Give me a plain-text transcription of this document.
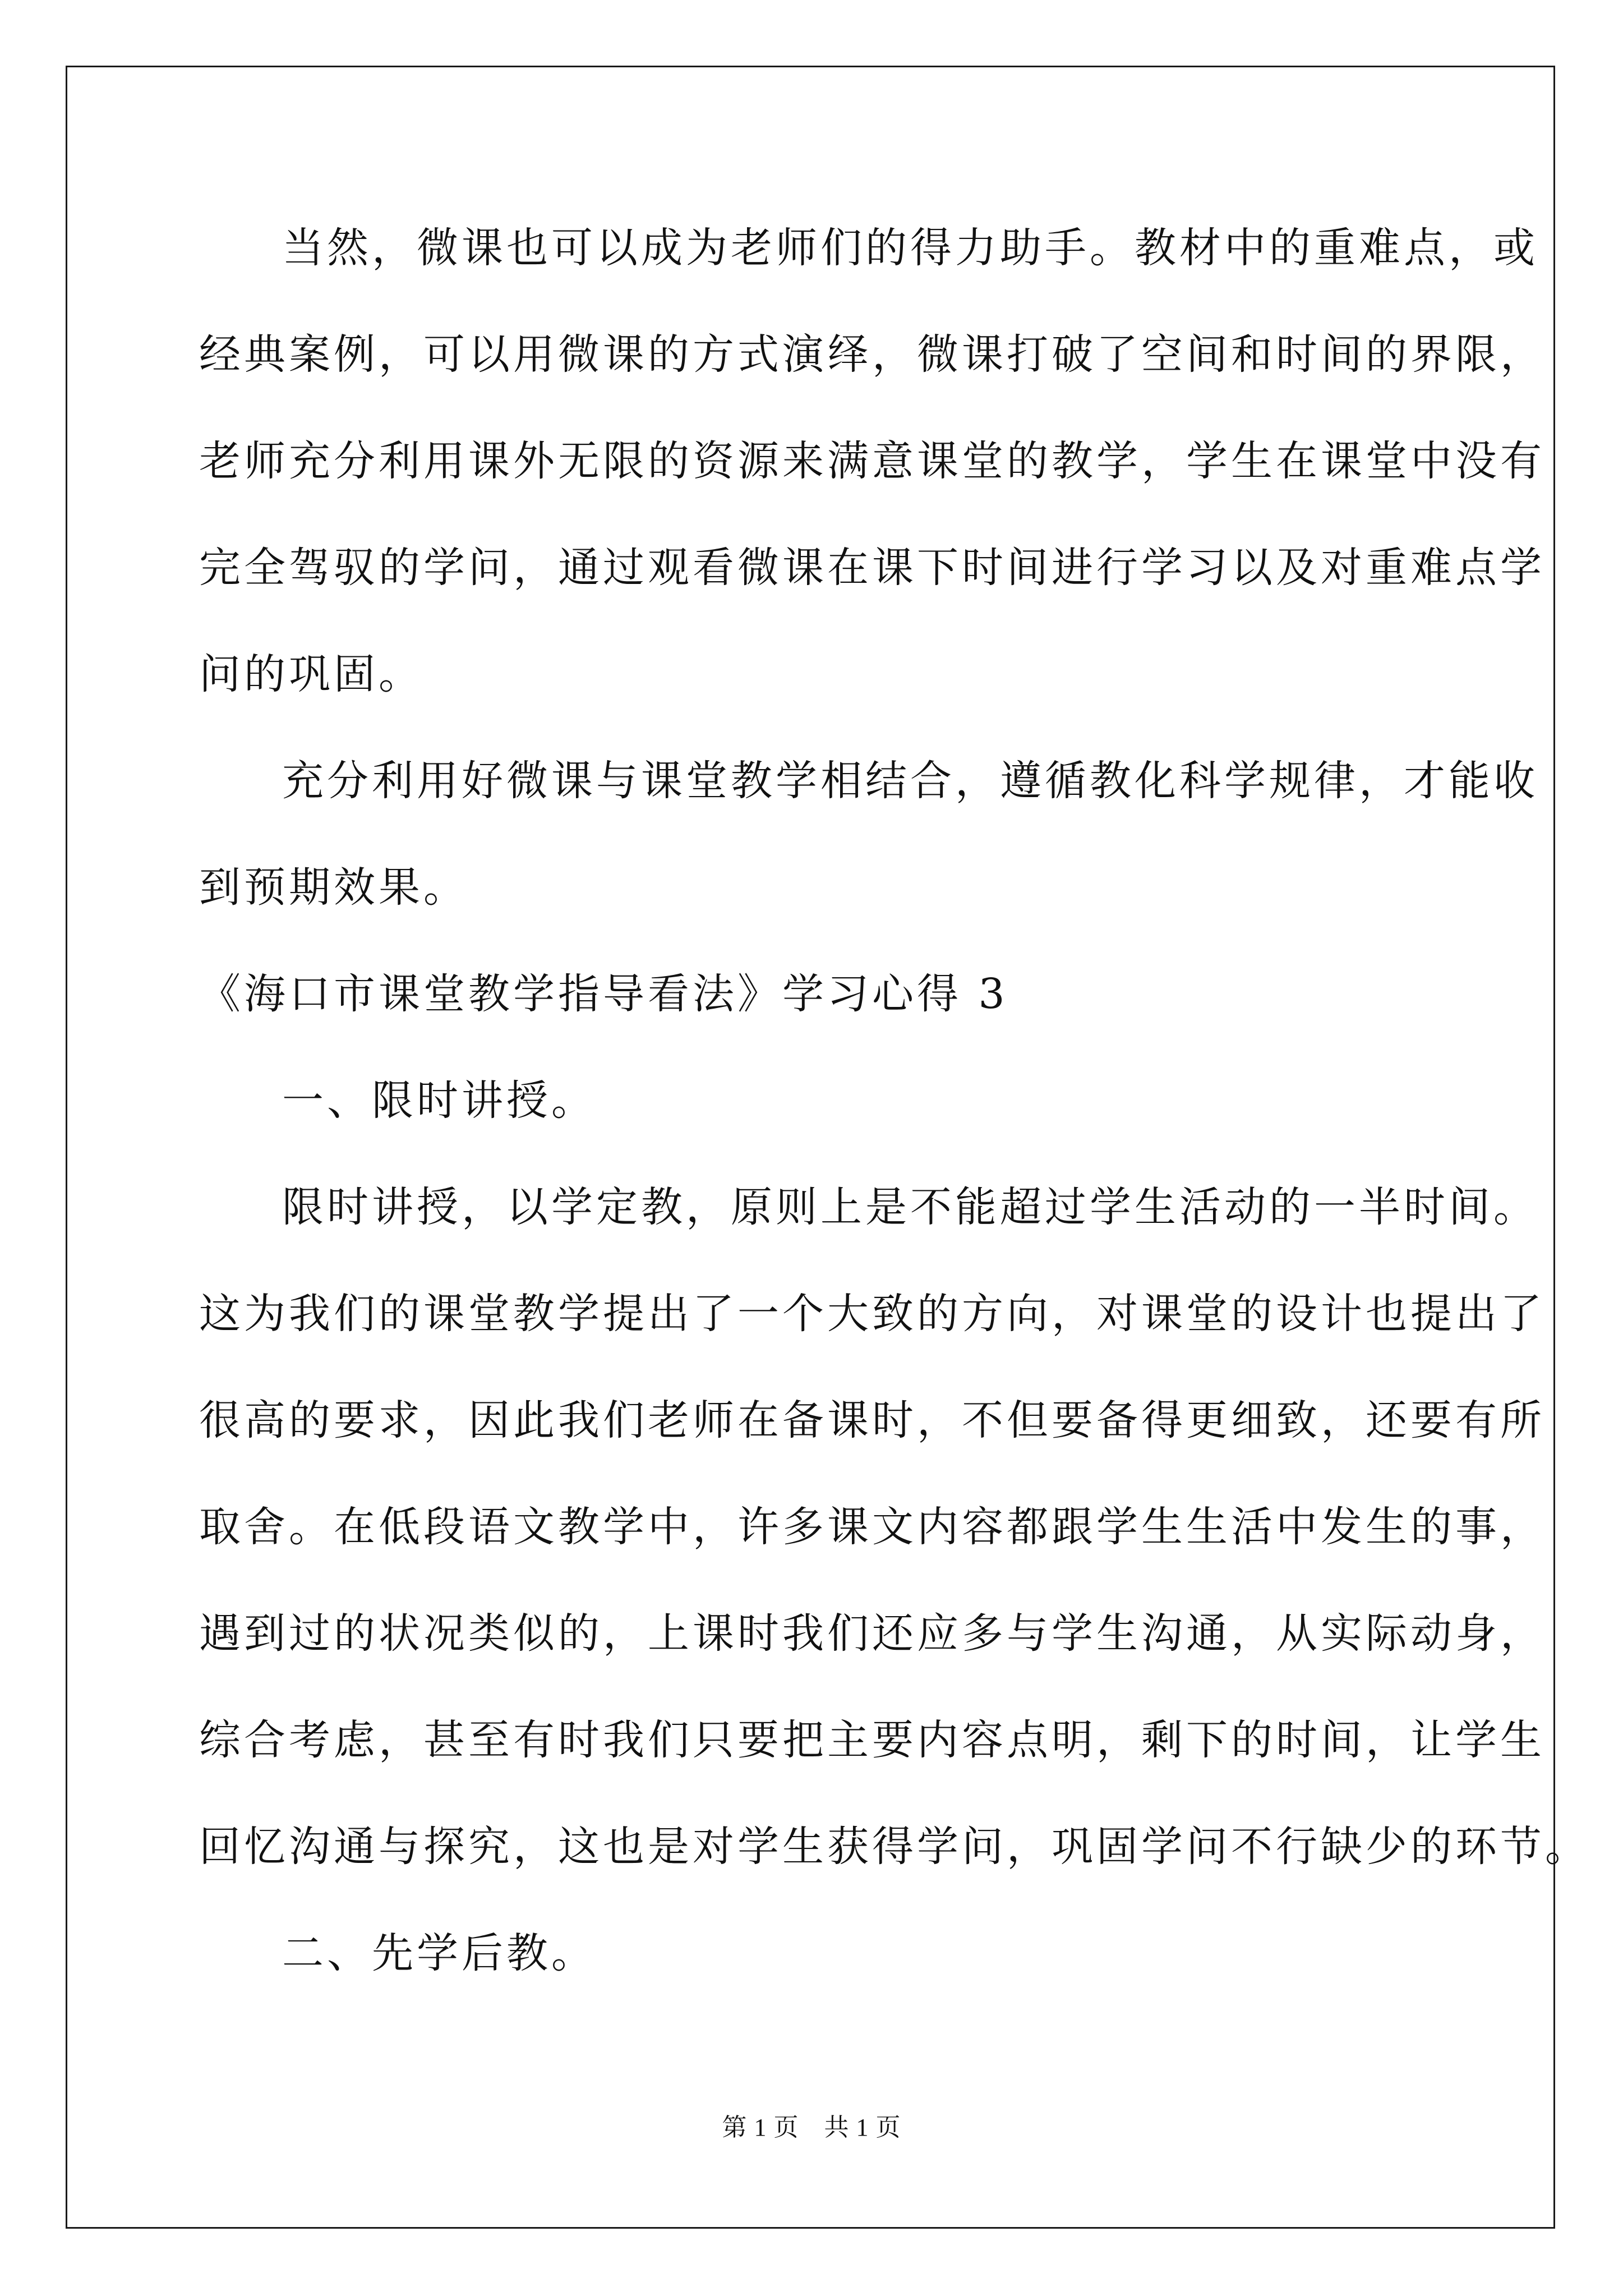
当然，微课也可以成为老师们的得力助手。教材中的重难点，或
经典案例，可以用微课的方式演绎，微课打破了空间和时间的界限，
老师充分利用课外无限的资源来满意课堂的教学，学生在课堂中没有
完全驾驭的学问，通过观看微课在课下时间进行学习以及对重难点学
问的巩固。
充分利用好微课与课堂教学相结合，遵循教化科学规律，才能收
到预期效果。
《海口市课堂教学指导看法》学习心得 3
一、限时讲授。
限时讲授，以学定教，原则上是不能超过学生活动的一半时间。
这为我们的课堂教学提出了一个大致的方向，对课堂的设计也提出了
很高的要求，因此我们老师在备课时，不但要备得更细致，还要有所
取舍。在低段语文教学中，许多课文内容都跟学生生活中发生的事，
遇到过的状况类似的，上课时我们还应多与学生沟通，从实际动身，
综合考虑，甚至有时我们只要把主要内容点明，剩下的时间，让学生
回忆沟通与探究，这也是对学生获得学问，巩固学问不行缺少的环节。
二、先学后教。
第 1 页　共 1 页
